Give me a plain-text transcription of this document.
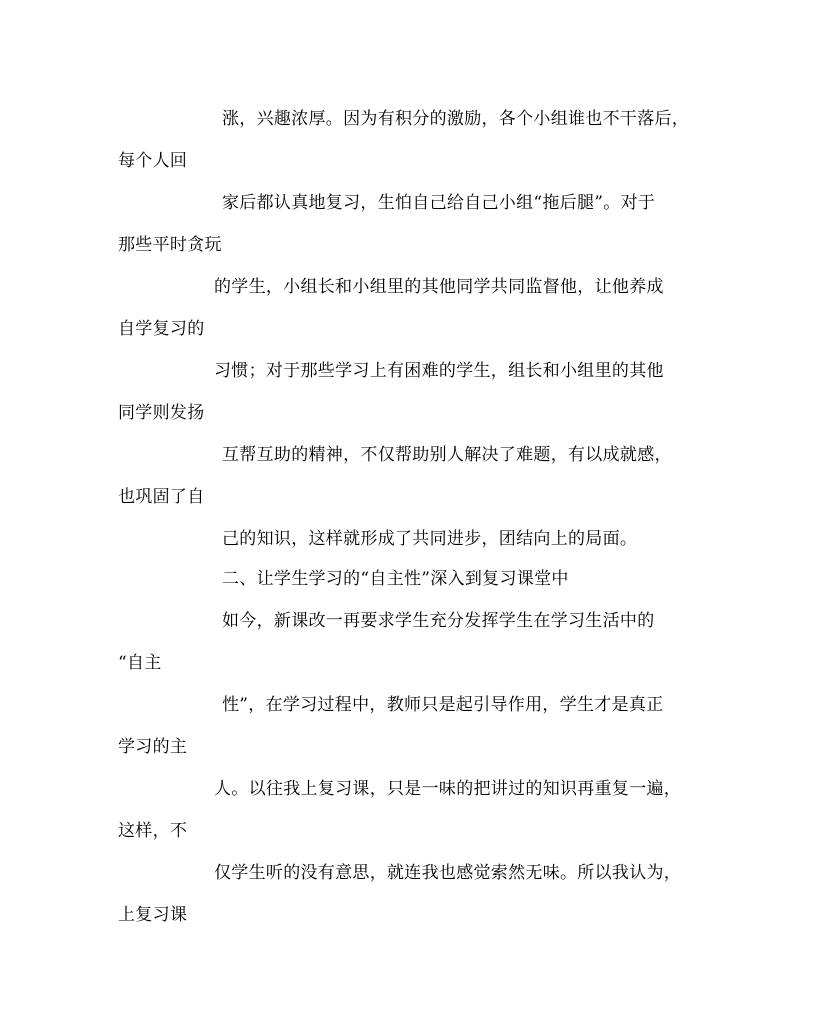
涨，兴趣浓厚。因为有积分的激励，各个小组谁也不干落后，
每个人回
家后都认真地复习，生怕自己给自己小组“拖后腿”。对于
那些平时贪玩
的学生，小组长和小组里的其他同学共同监督他，让他养成
自学复习的
习惯；对于那些学习上有困难的学生，组长和小组里的其他
同学则发扬
互帮互助的精神，不仅帮助别人解决了难题，有以成就感，
也巩固了自
己的知识，这样就形成了共同进步，团结向上的局面。
二、让学生学习的“自主性”深入到复习课堂中
如今，新课改一再要求学生充分发挥学生在学习生活中的
“自主
性”，在学习过程中，教师只是起引导作用，学生才是真正
学习的主
人。以往我上复习课，只是一味的把讲过的知识再重复一遍，
这样，不
仅学生听的没有意思，就连我也感觉索然无味。所以我认为，
上复习课
